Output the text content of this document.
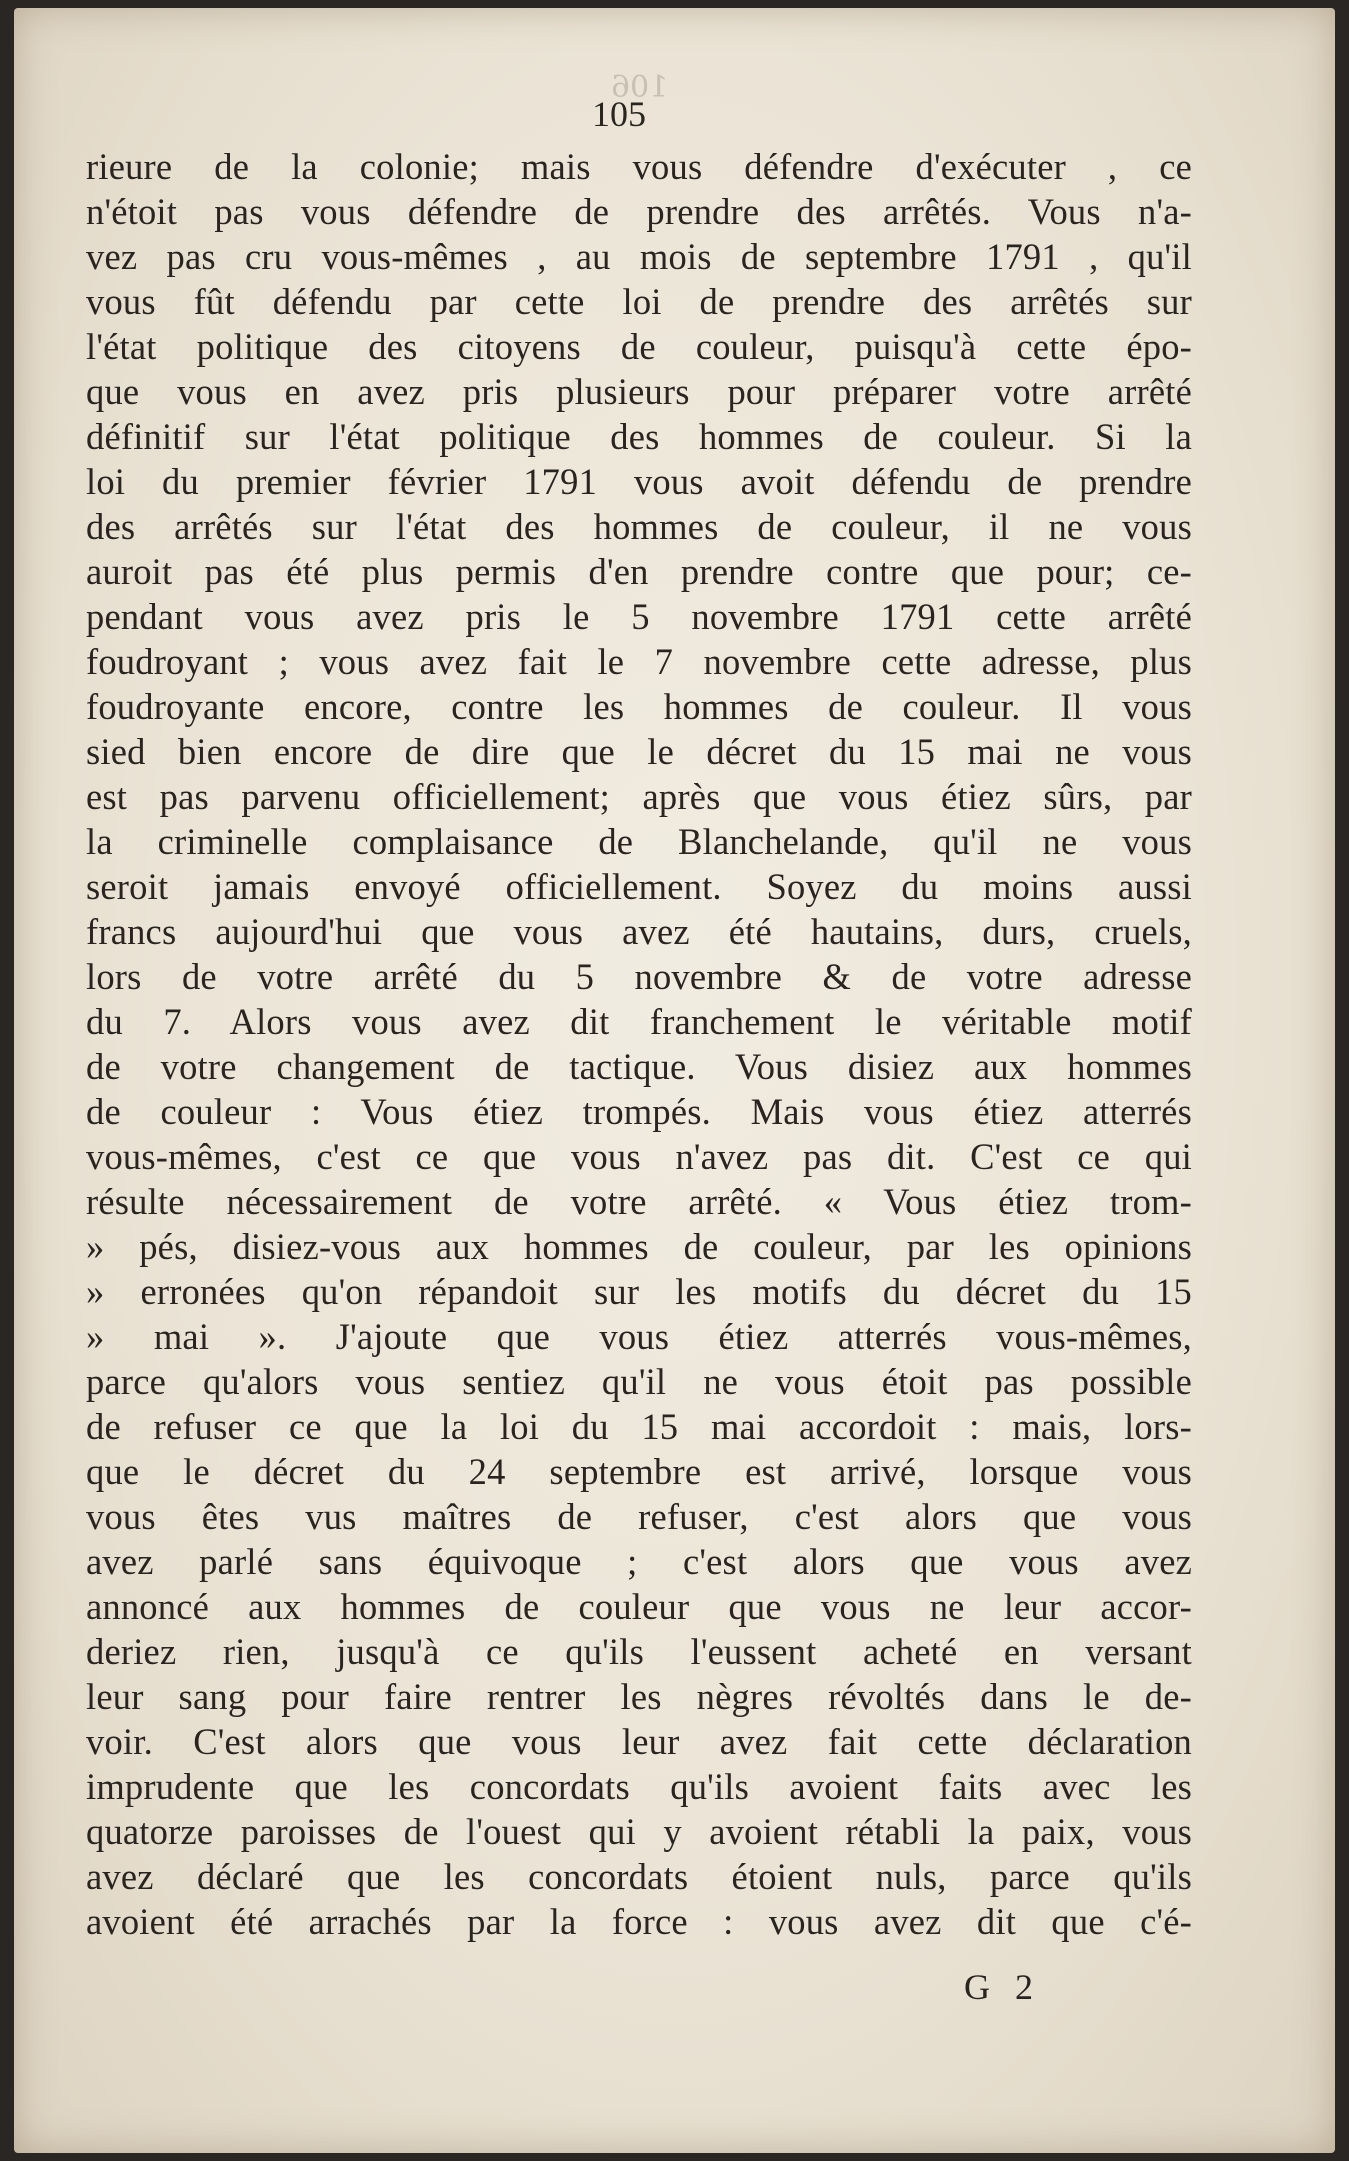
106
105
rieure de la colonie; mais vous défendre d'exécuter , ce
n'étoit pas vous défendre de prendre des arrêtés. Vous n'a-
vez pas cru vous-mêmes , au mois de septembre 1791 , qu'il
vous fût défendu par cette loi de prendre des arrêtés sur
l'état politique des citoyens de couleur, puisqu'à cette épo-
que vous en avez pris plusieurs pour préparer votre arrêté
définitif sur l'état politique des hommes de couleur. Si la
loi du premier février 1791 vous avoit défendu de prendre
des arrêtés sur l'état des hommes de couleur, il ne vous
auroit pas été plus permis d'en prendre contre que pour; ce-
pendant vous avez pris le 5 novembre 1791 cette arrêté
foudroyant ; vous avez fait le 7 novembre cette adresse, plus
foudroyante encore, contre les hommes de couleur. Il vous
sied bien encore de dire que le décret du 15 mai ne vous
est pas parvenu officiellement; après que vous étiez sûrs, par
la criminelle complaisance de Blanchelande, qu'il ne vous
seroit jamais envoyé officiellement. Soyez du moins aussi
francs aujourd'hui que vous avez été hautains, durs, cruels,
lors de votre arrêté du 5 novembre & de votre adresse
du 7. Alors vous avez dit franchement le véritable motif
de votre changement de tactique. Vous disiez aux hommes
de couleur : Vous étiez trompés. Mais vous étiez atterrés
vous-mêmes, c'est ce que vous n'avez pas dit. C'est ce qui
résulte nécessairement de votre arrêté. « Vous étiez trom-
» pés, disiez-vous aux hommes de couleur, par les opinions
» erronées qu'on répandoit sur les motifs du décret du 15
» mai ». J'ajoute que vous étiez atterrés vous-mêmes,
parce qu'alors vous sentiez qu'il ne vous étoit pas possible
de refuser ce que la loi du 15 mai accordoit : mais, lors-
que le décret du 24 septembre est arrivé, lorsque vous
vous êtes vus maîtres de refuser, c'est alors que vous
avez parlé sans équivoque ; c'est alors que vous avez
annoncé aux hommes de couleur que vous ne leur accor-
deriez rien, jusqu'à ce qu'ils l'eussent acheté en versant
leur sang pour faire rentrer les nègres révoltés dans le de-
voir. C'est alors que vous leur avez fait cette déclaration
imprudente que les concordats qu'ils avoient faits avec les
quatorze paroisses de l'ouest qui y avoient rétabli la paix, vous
avez déclaré que les concordats étoient nuls, parce qu'ils
avoient été arrachés par la force : vous avez dit que c'é-
G 2
